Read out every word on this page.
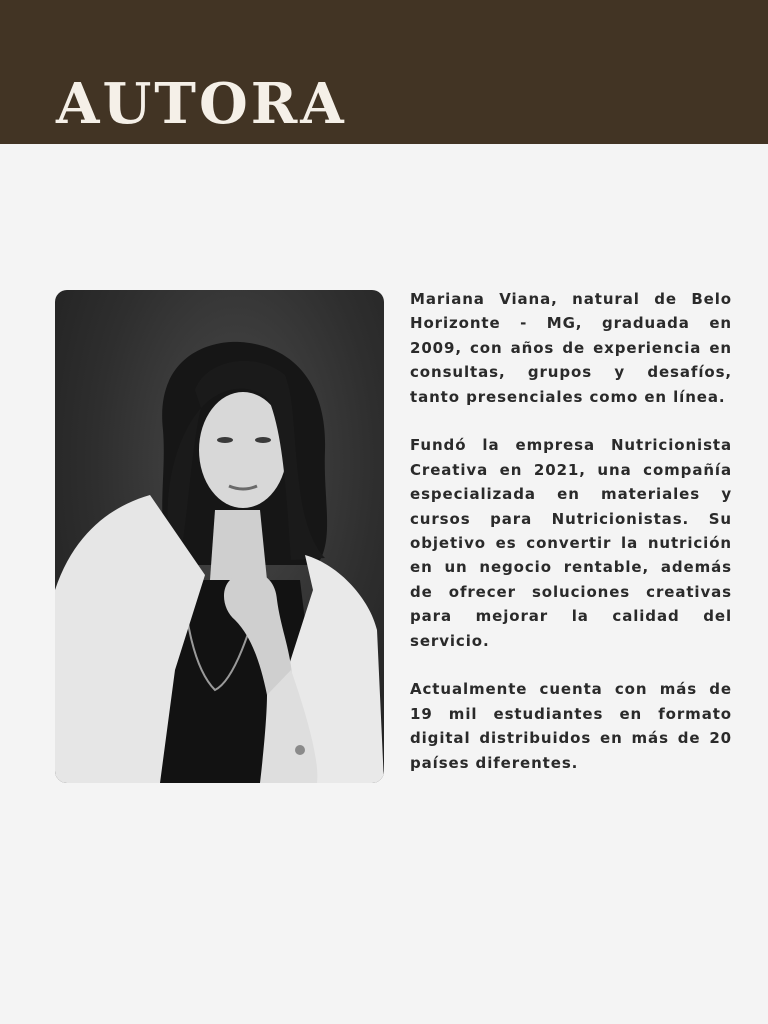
AUTORA

Mariana Viana, natural de Belo Horizonte - MG, graduada en 2009, con años de experiencia en consultas, grupos y desafíos, tanto presenciales como en línea.

Fundó la empresa Nutricionista Creativa en 2021, una compañía especializada en materiales y cursos para Nutricionistas. Su objetivo es convertir la nutrición en un negocio rentable, además de ofrecer soluciones creativas para mejorar la calidad del servicio.

Actualmente cuenta con más de 19 mil estudiantes en formato digital distribuidos en más de 20 países diferentes.
